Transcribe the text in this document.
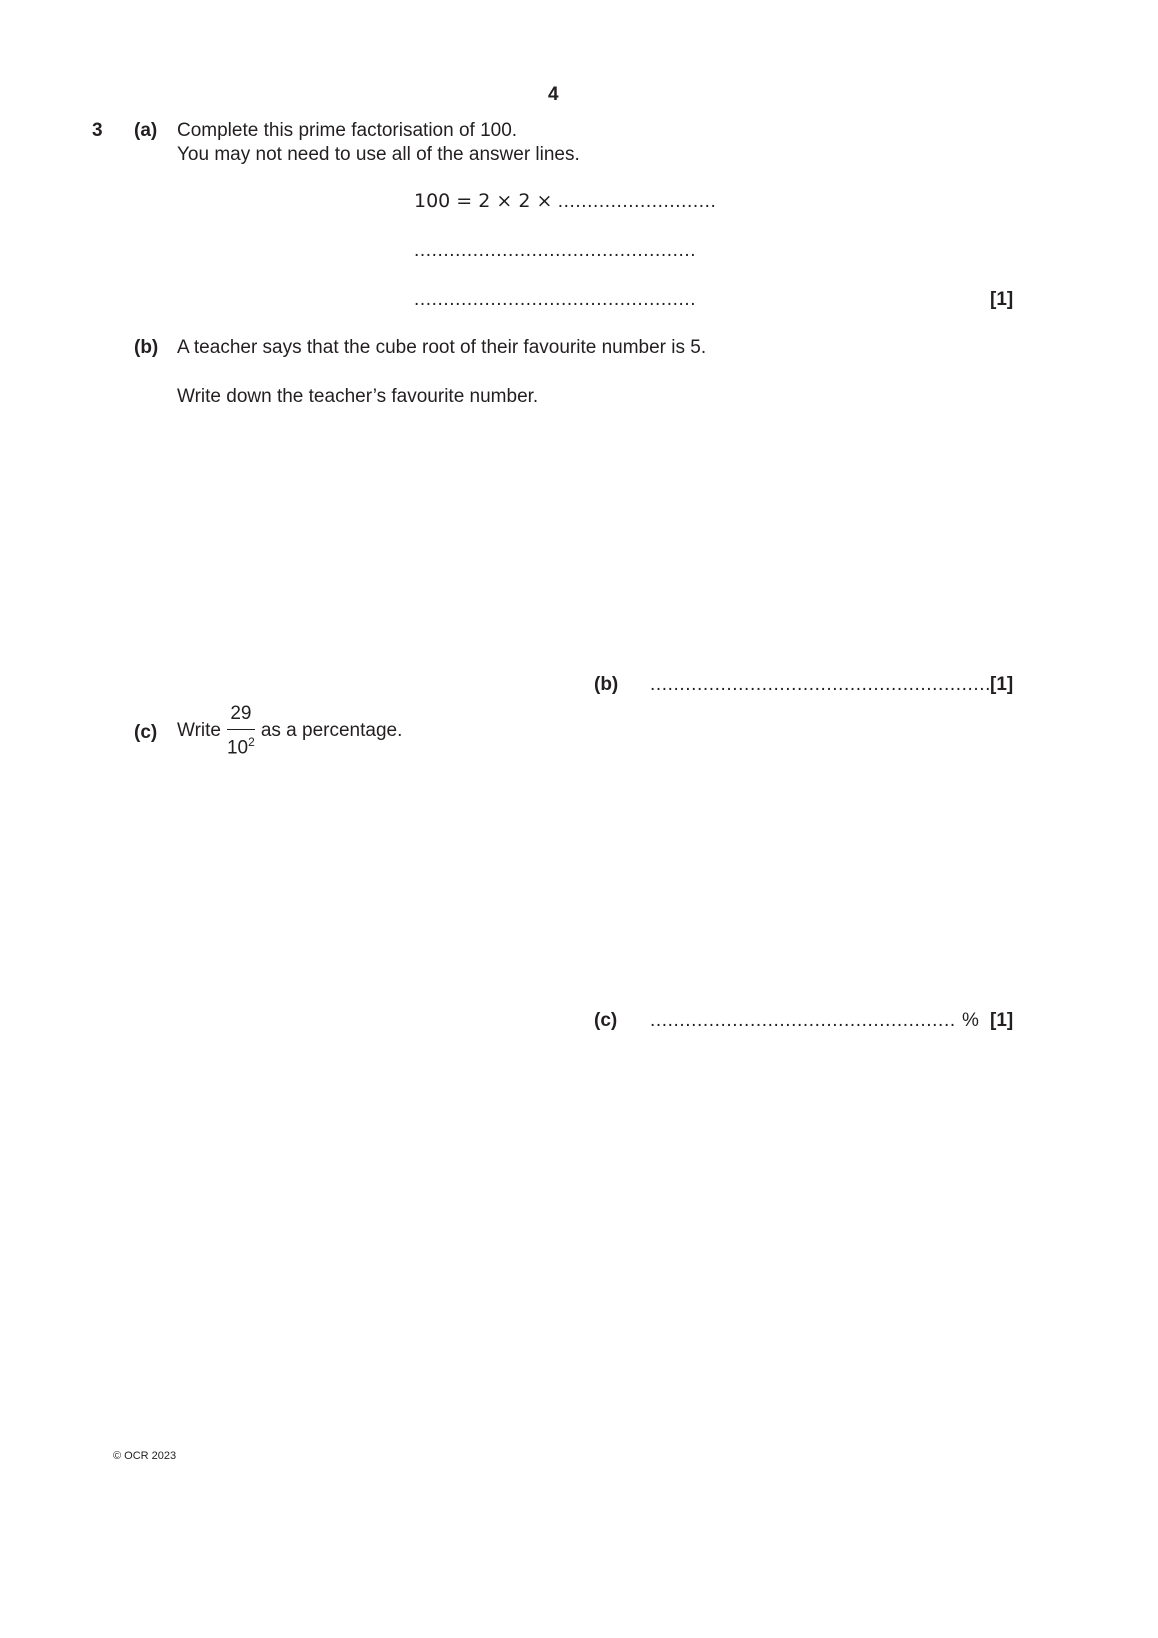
4
3 (a) Complete this prime factorisation of 100.
You may not need to use all of the answer lines.
100 = 2 × 2 × ...........................
................................................
................................................	[1]
(b) A teacher says that the cube root of their favourite number is 5.
Write down the teacher’s favourite number.
(b) .......................................................... [1]
(c) Write $\frac{29}{10^2}$ as a percentage.
(c) .................................................... % [1]
© OCR 2023
